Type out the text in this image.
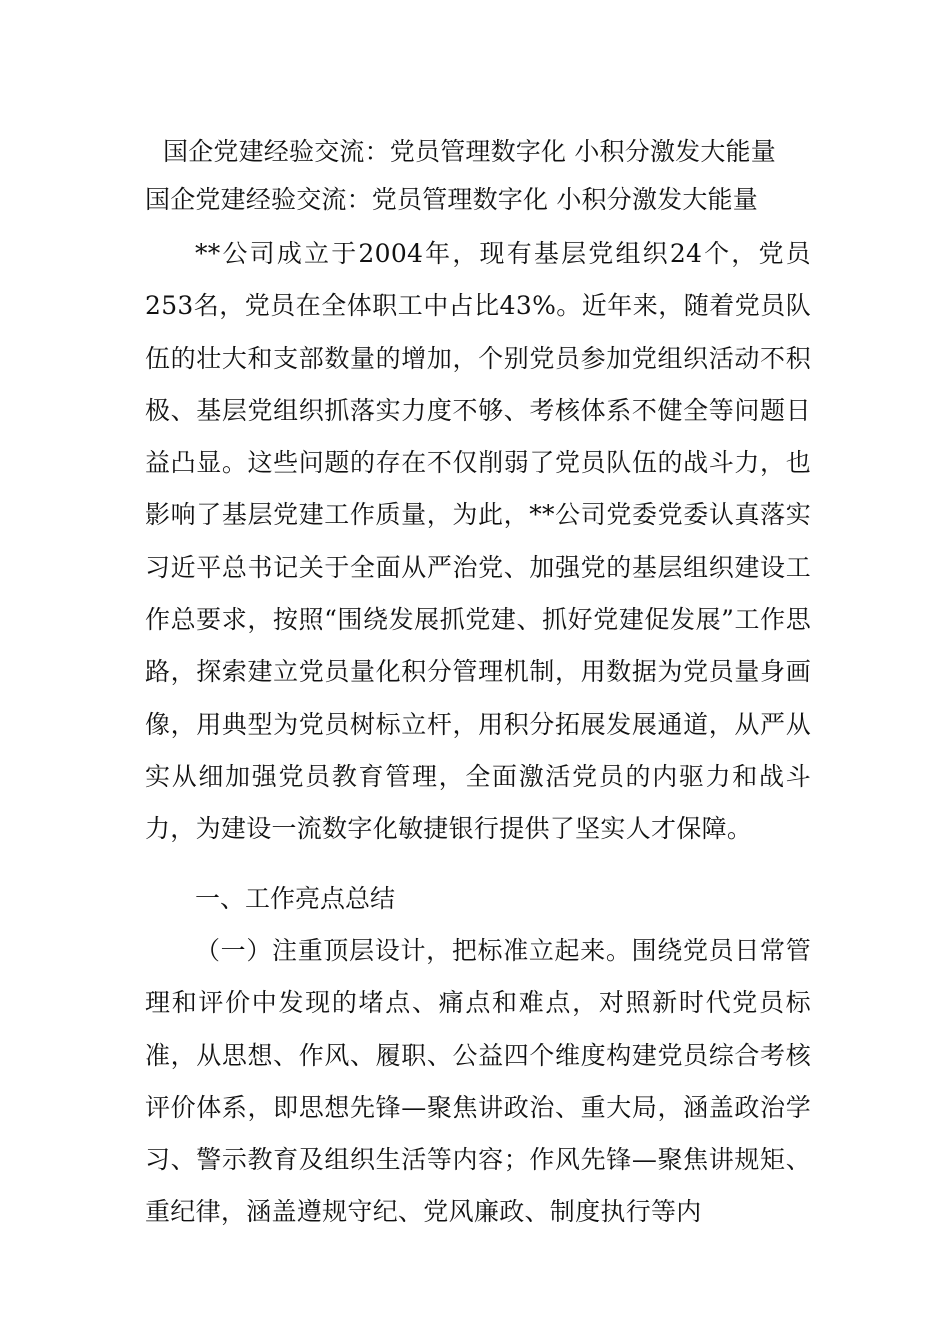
国企党建经验交流：党员管理数字化 小积分激发大能量
国企党建经验交流：党员管理数字化 小积分激发大能量

**公司成立于2004年，现有基层党组织24个，党员253名，党员在全体职工中占比43%。近年来，随着党员队伍的壮大和支部数量的增加，个别党员参加党组织活动不积极、基层党组织抓落实力度不够、考核体系不健全等问题日益凸显。这些问题的存在不仅削弱了党员队伍的战斗力，也影响了基层党建工作质量，为此，**公司党委党委认真落实习近平总书记关于全面从严治党、加强党的基层组织建设工作总要求，按照“围绕发展抓党建、抓好党建促发展”工作思路，探索建立党员量化积分管理机制，用数据为党员量身画像，用典型为党员树标立杆，用积分拓展发展通道，从严从实从细加强党员教育管理，全面激活党员的内驱力和战斗力，为建设一流数字化敏捷银行提供了坚实人才保障。

一、工作亮点总结

（一）注重顶层设计，把标准立起来。围绕党员日常管理和评价中发现的堵点、痛点和难点，对照新时代党员标准，从思想、作风、履职、公益四个维度构建党员综合考核评价体系，即思想先锋—聚焦讲政治、重大局，涵盖政治学习、警示教育及组织生活等内容；作风先锋—聚焦讲规矩、重纪律，涵盖遵规守纪、党风廉政、制度执行等内
